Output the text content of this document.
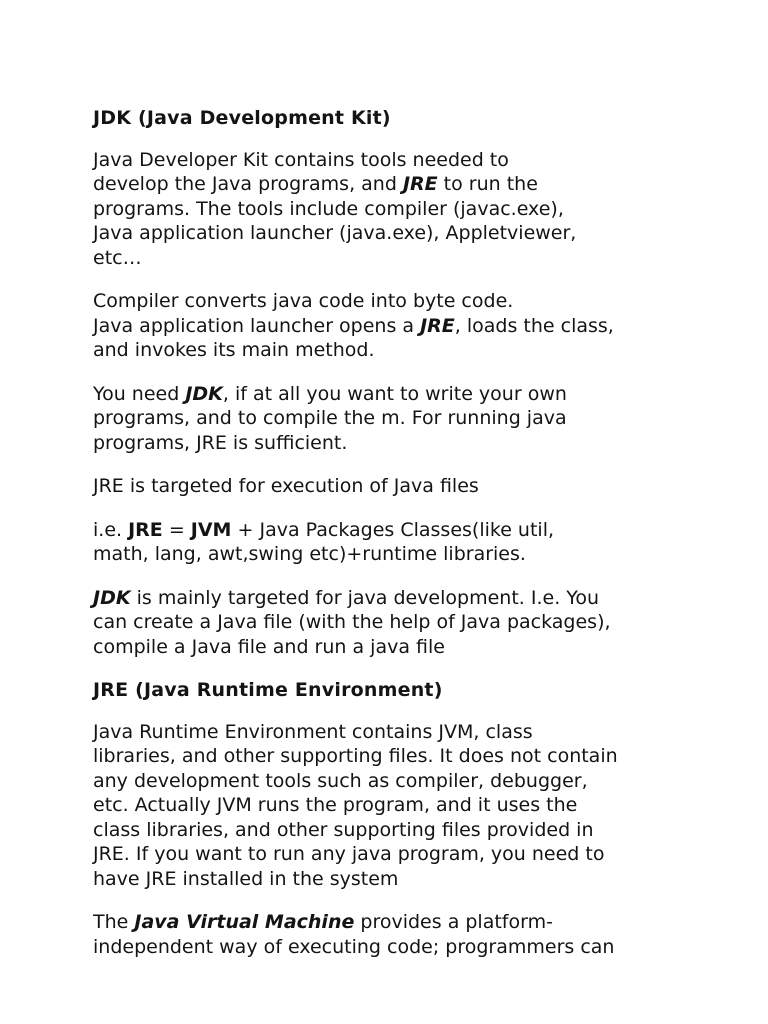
JDK (Java Development Kit)

Java Developer Kit contains tools needed to
develop the Java programs, and JRE to run the
programs. The tools include compiler (javac.exe),
Java application launcher (java.exe), Appletviewer,
etc…

Compiler converts java code into byte code.
Java application launcher opens a JRE, loads the class,
and invokes its main method.

You need JDK, if at all you want to write your own
programs, and to compile the m. For running java
programs, JRE is sufficient.

JRE is targeted for execution of Java files

i.e. JRE = JVM + Java Packages Classes(like util,
math, lang, awt,swing etc)+runtime libraries.

JDK is mainly targeted for java development. I.e. You
can create a Java file (with the help of Java packages),
compile a Java file and run a java file

JRE (Java Runtime Environment)

Java Runtime Environment contains JVM, class
libraries, and other supporting files. It does not contain
any development tools such as compiler, debugger,
etc. Actually JVM runs the program, and it uses the
class libraries, and other supporting files provided in
JRE. If you want to run any java program, you need to
have JRE installed in the system

The Java Virtual Machine provides a platform-
independent way of executing code; programmers can
